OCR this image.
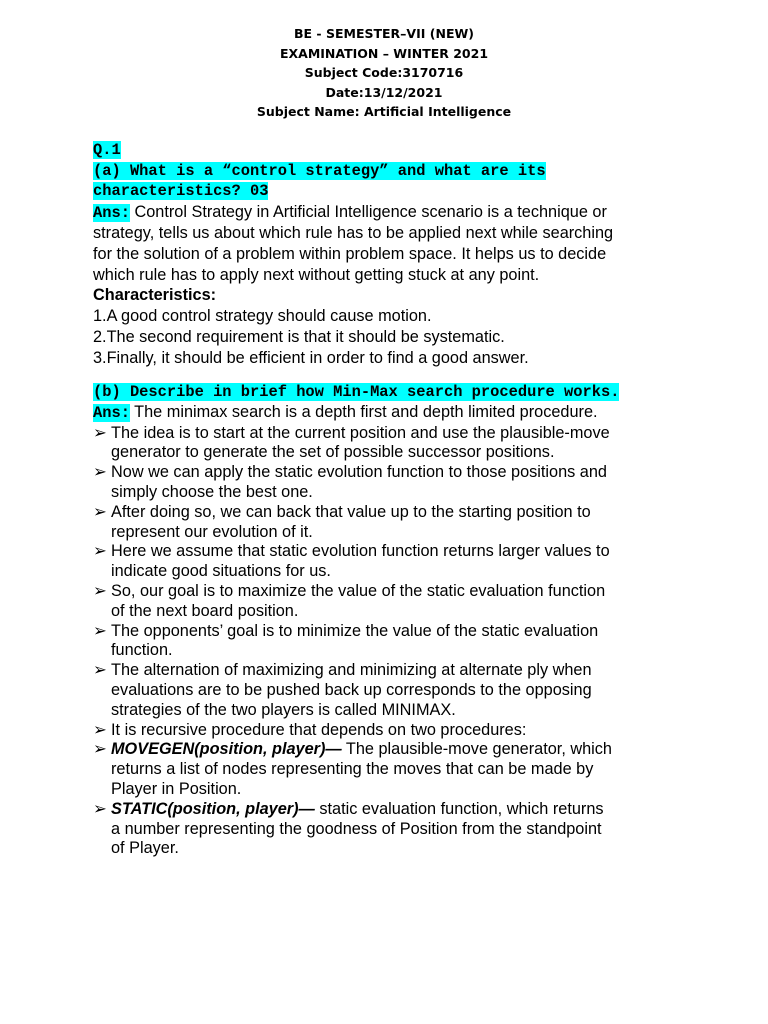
BE - SEMESTER–VII (NEW)
EXAMINATION – WINTER 2021
Subject Code:3170716
Date:13/12/2021
Subject Name: Artificial Intelligence
Q.1
(a) What is a “control strategy” and what are its
characteristics? 03
Ans: Control Strategy in Artificial Intelligence scenario is a technique or
strategy, tells us about which rule has to be applied next while searching
for the solution of a problem within problem space. It helps us to decide
which rule has to apply next without getting stuck at any point.
Characteristics:
1.A good control strategy should cause motion.
2.The second requirement is that it should be systematic.
3.Finally, it should be efficient in order to find a good answer.
(b) Describe in brief how Min-Max search procedure works.
Ans: The minimax search is a depth first and depth limited procedure.
➢ The idea is to start at the current position and use the plausible-move
generator to generate the set of possible successor positions.
➢ Now we can apply the static evolution function to those positions and
simply choose the best one.
➢ After doing so, we can back that value up to the starting position to
represent our evolution of it.
➢ Here we assume that static evolution function returns larger values to
indicate good situations for us.
➢ So, our goal is to maximize the value of the static evaluation function
of the next board position.
➢ The opponents’ goal is to minimize the value of the static evaluation
function.
➢ The alternation of maximizing and minimizing at alternate ply when
evaluations are to be pushed back up corresponds to the opposing
strategies of the two players is called MINIMAX.
➢ It is recursive procedure that depends on two procedures:
➢ MOVEGEN(position, player)— The plausible-move generator, which
returns a list of nodes representing the moves that can be made by
Player in Position.
➢ STATIC(position, player)— static evaluation function, which returns
a number representing the goodness of Position from the standpoint
of Player.
